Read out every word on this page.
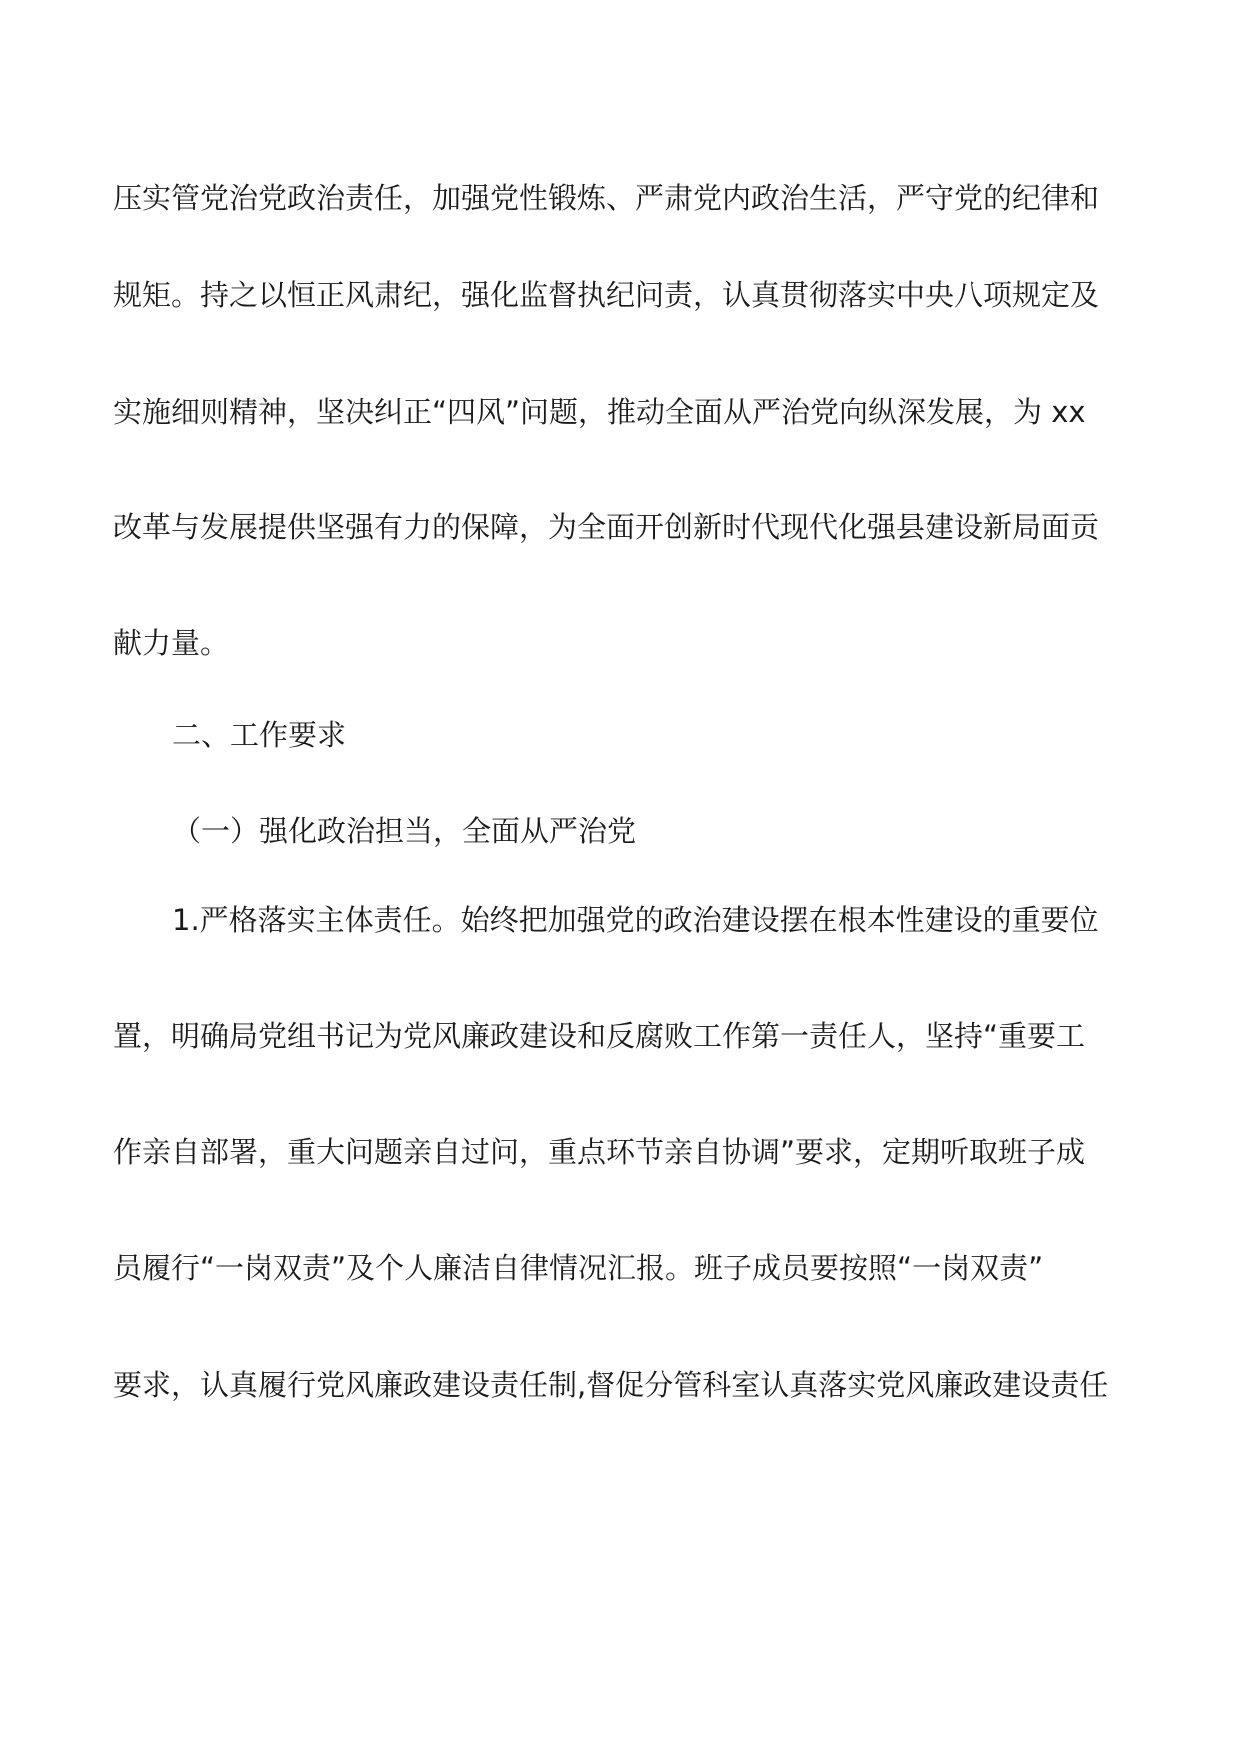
压实管党治党政治责任，加强党性锻炼、严肃党内政治生活，严守党的纪律和
规矩。持之以恒正风肃纪，强化监督执纪问责，认真贯彻落实中央八项规定及
实施细则精神，坚决纠正“四风”问题，推动全面从严治党向纵深发展，为 xx
改革与发展提供坚强有力的保障，为全面开创新时代现代化强县建设新局面贡
献力量。
二、工作要求
（一）强化政治担当，全面从严治党
1.严格落实主体责任。始终把加强党的政治建设摆在根本性建设的重要位
置，明确局党组书记为党风廉政建设和反腐败工作第一责任人，坚持“重要工
作亲自部署，重大问题亲自过问，重点环节亲自协调”要求，定期听取班子成
员履行“一岗双责”及个人廉洁自律情况汇报。班子成员要按照“一岗双责”
要求，认真履行党风廉政建设责任制,督促分管科室认真落实党风廉政建设责任
